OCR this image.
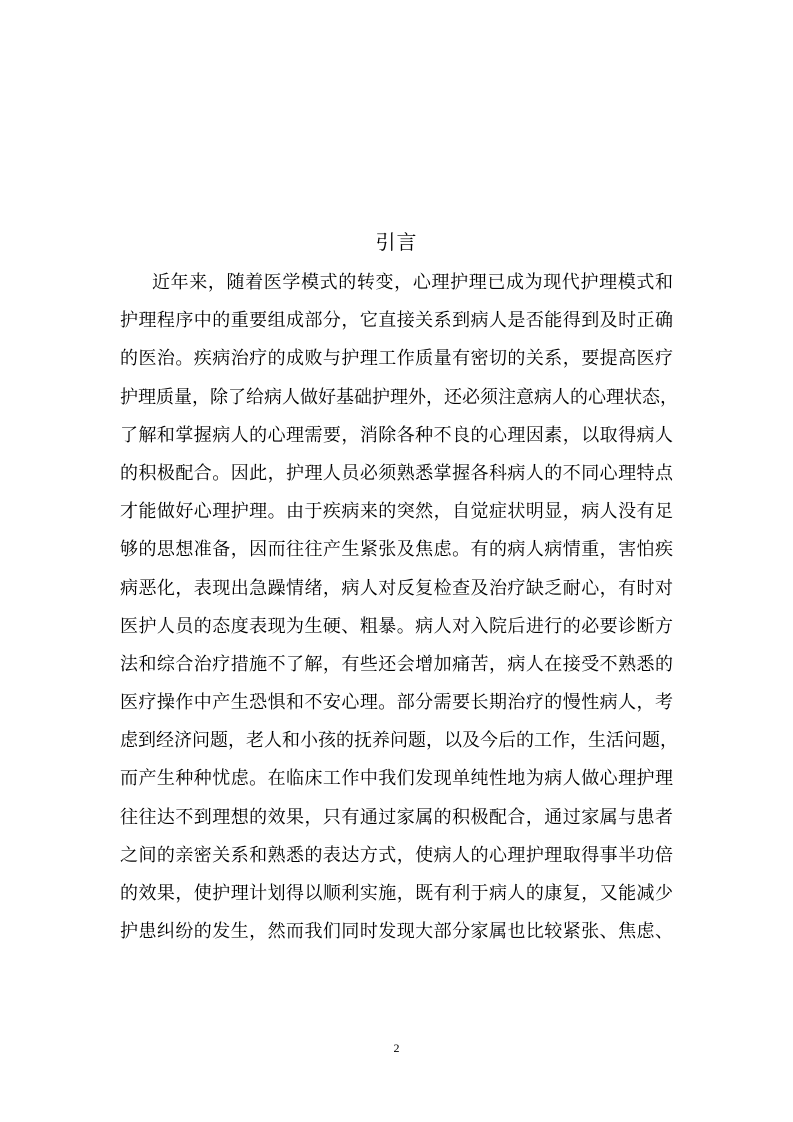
引言
近年来，随着医学模式的转变，心理护理已成为现代护理模式和
护理程序中的重要组成部分，它直接关系到病人是否能得到及时正确
的医治。疾病治疗的成败与护理工作质量有密切的关系，要提高医疗
护理质量，除了给病人做好基础护理外，还必须注意病人的心理状态，
了解和掌握病人的心理需要，消除各种不良的心理因素，以取得病人
的积极配合。因此，护理人员必须熟悉掌握各科病人的不同心理特点
才能做好心理护理。由于疾病来的突然，自觉症状明显，病人没有足
够的思想准备，因而往往产生紧张及焦虑。有的病人病情重，害怕疾
病恶化，表现出急躁情绪，病人对反复检查及治疗缺乏耐心，有时对
医护人员的态度表现为生硬、粗暴。病人对入院后进行的必要诊断方
法和综合治疗措施不了解，有些还会增加痛苦，病人在接受不熟悉的
医疗操作中产生恐惧和不安心理。部分需要长期治疗的慢性病人，考
虑到经济问题，老人和小孩的抚养问题，以及今后的工作，生活问题，
而产生种种忧虑。在临床工作中我们发现单纯性地为病人做心理护理
往往达不到理想的效果，只有通过家属的积极配合，通过家属与患者
之间的亲密关系和熟悉的表达方式，使病人的心理护理取得事半功倍
的效果，使护理计划得以顺利实施，既有利于病人的康复，又能减少
护患纠纷的发生，然而我们同时发现大部分家属也比较紧张、焦虑、
2
